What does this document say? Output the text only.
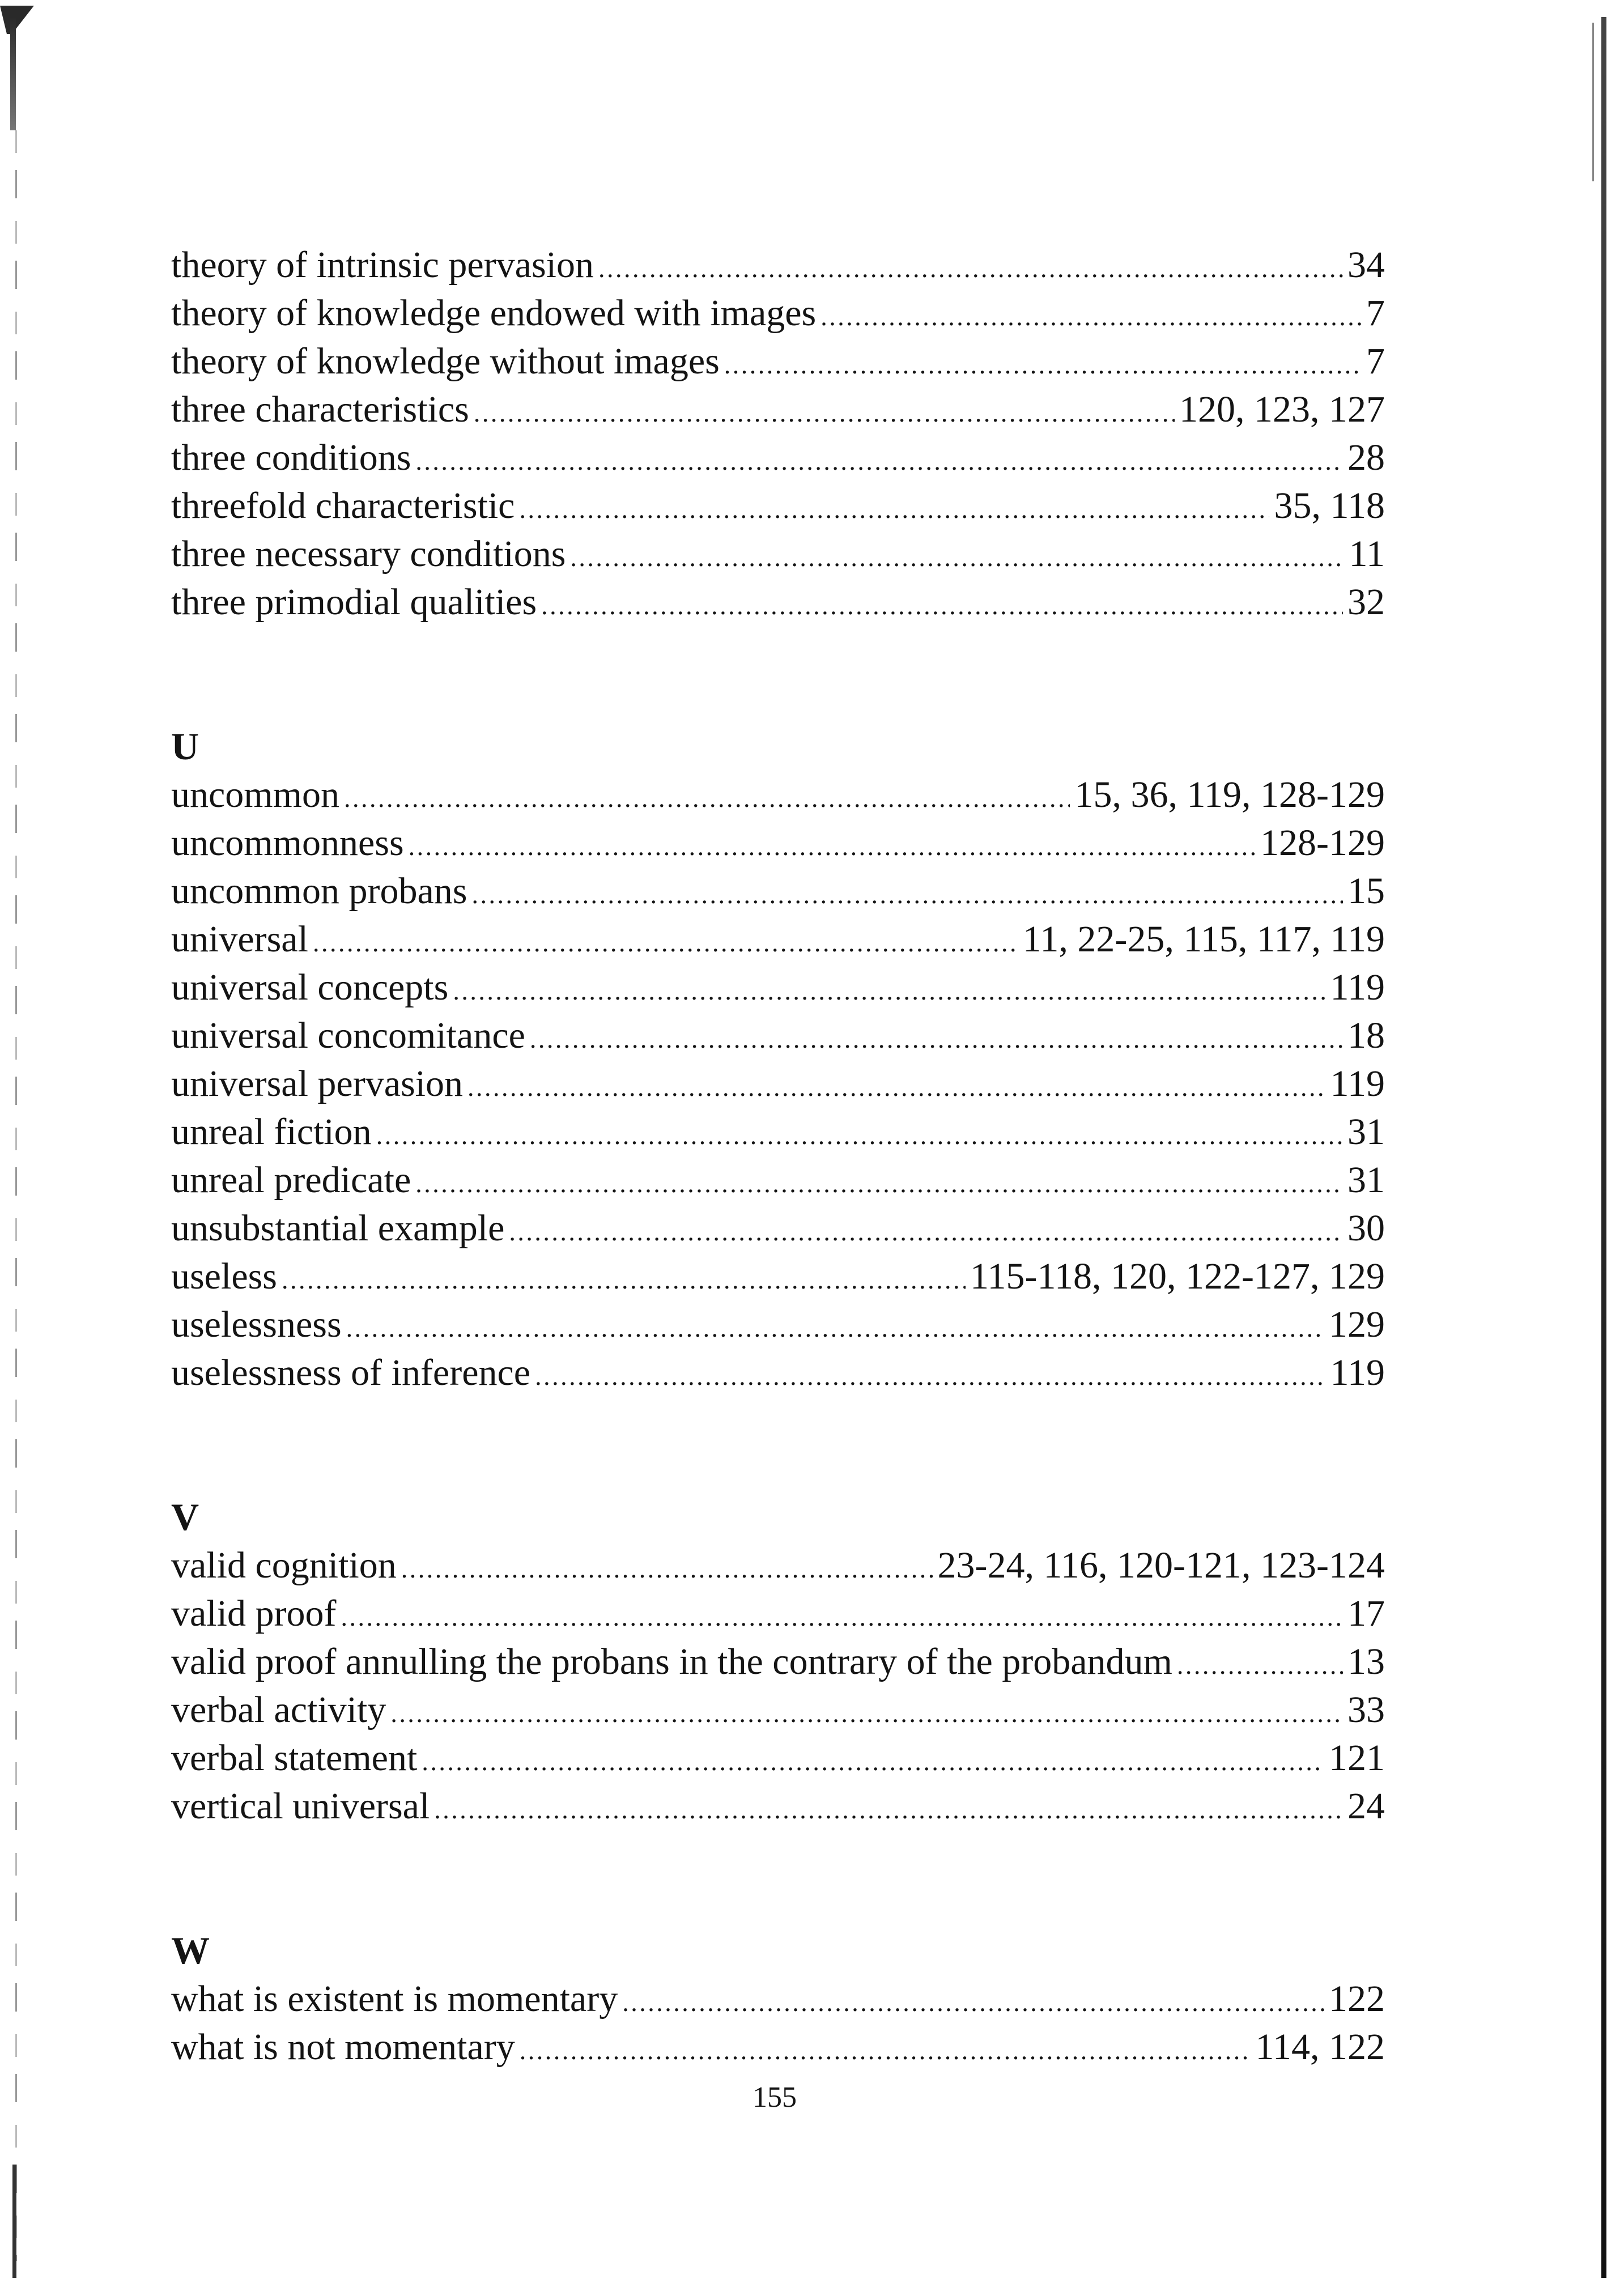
theory of intrinsic pervasion . . .	34
theory of knowledge endowed with images . . .	7
theory of knowledge without images . . .	7
three characteristics . . .	120, 123, 127
three conditions . . .	28
threefold characteristic . . .	35, 118
three necessary conditions . . .	11
three primodial qualities . . .	32
U
uncommon . . .	15, 36, 119, 128-129
uncommonness . . .	128-129
uncommon probans . . .	15
universal . . .	11, 22-25, 115, 117, 119
universal concepts . . .	119
universal concomitance . . .	18
universal pervasion . . .	119
unreal fiction . . .	31
unreal predicate . . .	31
unsubstantial example . . .	30
useless . . .	115-118, 120, 122-127, 129
uselessness . . .	129
uselessness of inference . . .	119
V
valid cognition . . .	23-24, 116, 120-121, 123-124
valid proof . . .	17
valid proof annulling the probans in the contrary of the probandum . . .	13
verbal activity . . .	33
verbal statement . . .	121
vertical universal . . .	24
W
what is existent is momentary . . .	122
what is not momentary . . .	114, 122
155
